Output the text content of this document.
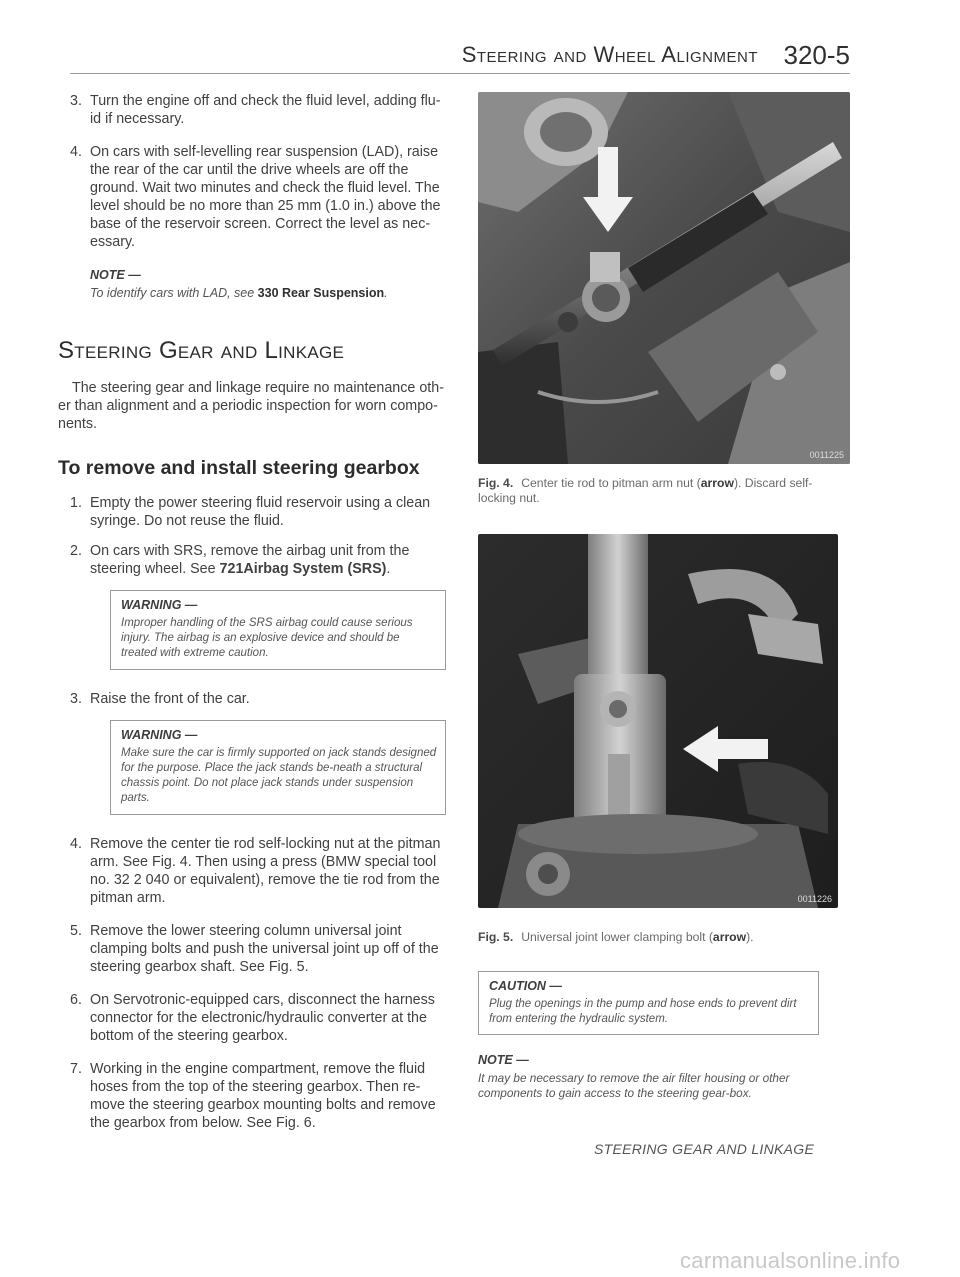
Steering and Wheel Alignment 320-5
3. Turn the engine off and check the fluid level, adding flu-id if necessary.
4. On cars with self-levelling rear suspension (LAD), raise the rear of the car until the drive wheels are off the ground. Wait two minutes and check the fluid level. The level should be no more than 25 mm (1.0 in.) above the base of the reservoir screen. Correct the level as nec-essary.
NOTE —
To identify cars with LAD, see 330 Rear Suspension.
Steering Gear and Linkage
The steering gear and linkage require no maintenance oth-er than alignment and a periodic inspection for worn compo-nents.
To remove and install steering gearbox
1. Empty the power steering fluid reservoir using a clean syringe. Do not reuse the fluid.
2. On cars with SRS, remove the airbag unit from the steering wheel. See 721Airbag System (SRS).
WARNING —
Improper handling of the SRS airbag could cause serious injury. The airbag is an explosive device and should be treated with extreme caution.
3. Raise the front of the car.
WARNING —
Make sure the car is firmly supported on jack stands designed for the purpose. Place the jack stands be-neath a structural chassis point. Do not place jack stands under suspension parts.
4. Remove the center tie rod self-locking nut at the pitman arm. See Fig. 4. Then using a press (BMW special tool no. 32 2 040 or equivalent), remove the tie rod from the pitman arm.
5. Remove the lower steering column universal joint clamping bolts and push the universal joint up off of the steering gearbox shaft. See Fig. 5.
6. On Servotronic-equipped cars, disconnect the harness connector for the electronic/hydraulic converter at the bottom of the steering gearbox.
7. Working in the engine compartment, remove the fluid hoses from the top of the steering gearbox. Then re-move the steering gearbox mounting bolts and remove the gearbox from below. See Fig. 6.
0011225
Fig. 4. Center tie rod to pitman arm nut (arrow). Discard self-locking nut.
0011226
Fig. 5. Universal joint lower clamping bolt (arrow).
CAUTION —
Plug the openings in the pump and hose ends to prevent dirt from entering the hydraulic system.
NOTE —
It may be necessary to remove the air filter housing or other components to gain access to the steering gear-box.
STEERING GEAR AND LINKAGE
carmanualsonline.info
